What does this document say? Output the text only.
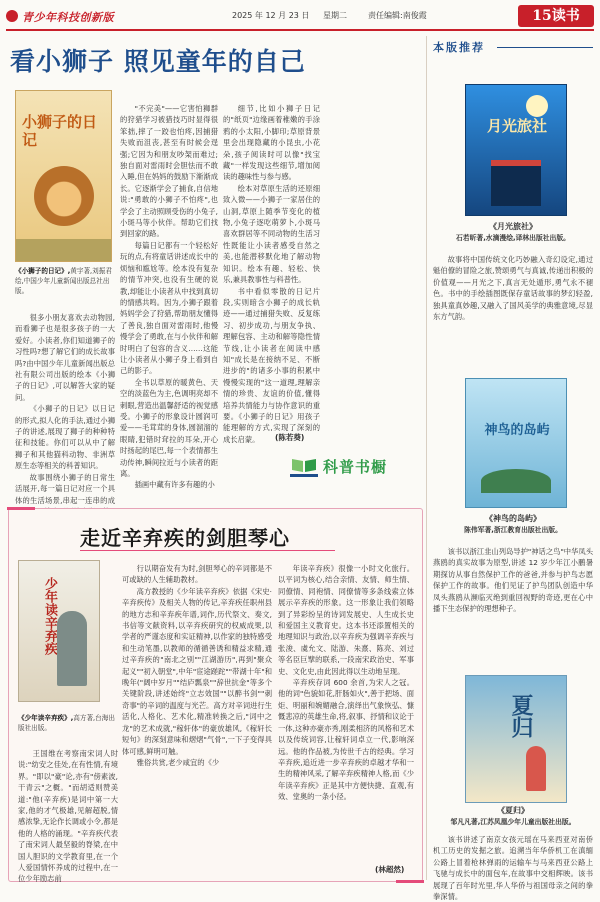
青少年科技创新版	2025 年 12 月 23 日 星期二	责任编辑:南俊霞	15读书
看小狮子 照见童年的自己
小狮子的日记
《小狮子的日记》,黄宇著,刘振君绘,中国少年儿童新闻出版总社出版。

很多小朋友喜欢去动物园,而看狮子也是很多孩子的一大爱好。小读者,你们知道狮子的习性吗?想了解它们的成长故事吗?由中国少年儿童新闻出版总社有限公司出版的绘本《小狮子的日记》,可以解答大家的疑问。

《小狮子的日记》以日记的形式,拟人化的手法,通过小狮子的讲述,展现了狮子的种种特征和技能。你们可以从中了解狮子和其他猫科动物、非洲草原生态等相关的科普知识。

故事围绕小狮子的日常生活展开,每一篇日记对应一个具体的生活场景,串起一连串的成

"不完美"——它害怕狮群的狩猎学习被猎技巧时显得很笨拙,摔了一跤也怕疼,因捕猎失败而沮丧,甚至有时候会逞强;它因为和朋友吵架而难过;独自面对雷雨时会胆怯而不敢入睡,但在妈妈的鼓励下渐渐成长。它逐渐学会了捕食,自信地说:"勇敢的小狮子不怕疼",也学会了主动照顾受伤的小兔子,小斑马等小伙伴。帮助它们找到回家的路。

每篇日记都有一个轻松好玩的点,有将童话讲述成长中的烦恼和尴尬等。绘本没有复杂的情节冲突,也没有生硬的说教,却能让小读者从中找到真切的情感共鸣。因为,小狮子跟着妈妈学会了狩猎,帮助朋友懂得了善良,独自面对雷雨时,他慢慢学会了勇敢,在与小伙伴和解时明白了包容的含义……这能让小读者从小狮子身上看到自己的影子。

全书以草原的暖黄色、天空的淡蓝色为主,色调明亮却不刺眼,营造出温馨舒适的视觉感受。小狮子的形象设计圆润可爱——毛茸茸的身体,圆溜溜的眼睛,犯错时耷拉的耳朵,开心时扬起的尾巴,每一个表情都生动传神,瞬间拉近与小读者的距离。

插画中藏有许多有趣的小

细节,比如小狮子日记的"纸页"边缘画着稚嫩的手涂鸦的小太阳,小脚印;草原背景里会出现隐藏的小昆虫,小花朵,孩子阅读时可以像"找宝藏"一样发现这些细节,增加阅读的趣味性与参与感。

绘本对草原生活的还原细致入微——小狮子一家居住的山洞,草原上随季节变化的植物,小兔子逐吃萌萝卜,小斑马喜欢群居等不同动物的生活习性既能让小读者感受自然之美,也能潜移默化地了解动物知识。绘本有趣、轻松、快乐,兼具教事性与科普性。

书中看似零散的日记片段,实则暗含小狮子的成长轨迹——通过捕猎失败、反复练习、初步成功,与朋友争执、理解包容、主动和解等隐性情节线,让小读者在阅读中感知"成长是在接纳不足、不断进步的"的诸多小事的积累中慢慢实现的"这一道理,理解亲情的珍贵、友谊的价值,懂得培养共情能力与协作意识的重要。《小狮子的日记》用孩子能理解的方式,实现了深刻的成长启蒙。	(陈若葵)
科普书橱
走近辛弃疾的剑胆琴心
少年读辛弃疾
《少年读辛弃疾》,高方著,台海出版社出版。

王国维在考察南宋词人时说:"幼安之佳处,在有性情,有境界。"即以"豪"论,亦有"傍素波,干青云"之概。"而胡适则赞美道:"他(辛弃疾)是词中第一大家,他的才气极雄,见解超脱,情感浓挚,无论作长调或小令,都是他的人格的涌现。"辛弃疾代表了南宋词人最坚毅的脊梁,在中国人胆识的文学教育里,在一个人爱国情怀养成的过程中,在一位少年励志前

行以期奋发有为时,剑胆琴心的辛词都是不可或缺的人生辅助教材。

高方教授的《少年读辛弃疾》依据《宋史·辛弃疾传》及相关人物的传记,辛弃疾任职州县的地方志和辛弃疾年谱,词作,历代祭文、奏文,书信等文献资料,以辛弃疾研究的权威成果,以学者的严谨态度和实证精神,以作家的独特感受和生动笔墨,以教师的循循善诱和精益求精,通过辛弃疾的"南北之别""江湖游历",再到"聚众起义""初入朝堂",中年"宦途蹉跎""带湖十年"和晚年("阔中岁月""结庐瓢泉""辞世抗金"等多个关键阶段,讲述始终"立志效国""以醉书剑""刺奇事"的辛词的温度与光芒。高方对辛词进行生活化,人格化、艺术化,精准转换之后,"词中之龙"的艺术成就,"稼轩体"的豪放雄风,《稼轩长短句》的深刻意味和熠熠"气骨",一下子变得具体可感,鲜明可触。

雅俗共赏,老少咸宜的《少

年读辛弃疾》很像一小时文化旅行。以平词为核心,结合亲情、友情、师生情、同僚情、同袍情、同僚情等多条线索立体展示辛弃疾的形象。这一形象让我们领略到了异彩纷呈的诗词发展史、人生成长史和爱国主义教育史。这本书还添置相关的地理知识与政治,以辛弃疾为强调辛弃疾与张浚、虞允文、陆游、朱熹、陈亮、刘过等名臣巨擘的联系,一段南宋政治史、军事史、文化史,由此因此得以生动地呈现。

辛弃疾存词 600 余首,为宋人之冠。他的词"色貌如花,肝肠如火",善于把场、面炬、明丽和婉媚融合,演绎出气象恢弘、慷慨悲凉的英雄生命,将,叙事、抒情和议论于一体,这种亦豪亦秀,刚柔相济的风格和艺术以及传统词容,让稼轩词卓立一代,影响深远。他的作品被,为传世千古的经典。学习辛弃疾,追近进一步辛弃疾的卓越才华和一生的精神风采,了解辛弃疾精神人格,而《少年读辛弃疾》正是其中方便快捷、直观,有效、堂奥的一条小径。

(林超然)
本版推荐
月光旅社
《月光旅社》
石若昕著,水滴漫绘,译林出版社出版。

故事将中国传统文化巧妙融入奇幻设定,通过魁伯僚的冒险之旅,赞颂勇气与真诚,传递出积极的价值观——月光之下,真言无处遁形,勇气永不褪色。书中的手绘插图既保存童话故事的梦幻轻盈,独具童真妙趣,又融入了国风美学的典雅意境,尽显东方气韵。

神鸟的岛屿
《神鸟的岛屿》
陈伟军著,浙江教育出版社出版。

该书以浙江韭山列岛导护"神话之鸟"中华凤头燕鸥的真实故事为原型,讲述 12 岁少年江小鹏暑期探访从事自然保护工作的爸爸,并参与护鸟志愿保护工作的故事。他们见证了护鸟团队创造中华凤头燕鸥从濒临灭绝到重回视野的奇迹,更在心中播下生态保护的理想种子。

夏归
《夏归》
邹凡凡著,江苏凤凰少年儿童出版社出版。

该书讲述了南京女孩元瑶在马来西亚对南侨机工历史的发掘之旅。追溯当年华侨机工在滇缅公路上冒着枪林弹雨的运输车与马来西亚公路上飞驰与成长中的面包车,在故事中交相辉映。该书展现了百年时光里,华人华侨与祖国母亲之间的拳拳深情。
